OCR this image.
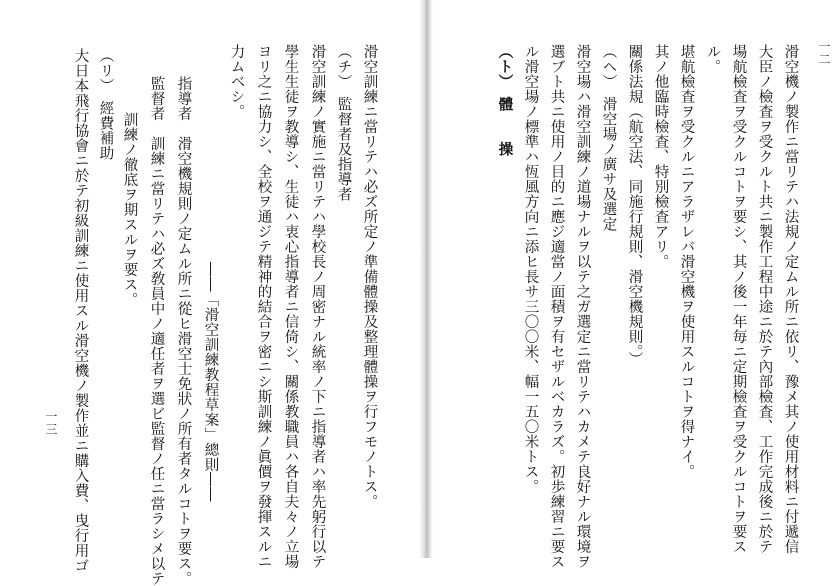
滑空訓練ニ當リテハ必ズ所定ノ準備體操及整理體操ヲ行フモノトス。
（チ）　監督者及指導者
滑空訓練ノ實施ニ當リテハ學校長ノ周密ナル統率ノ下ニ指導者ハ率先躬行以テ
學生生徒ヲ教導シ、生徒ハ衷心指導者ニ信倚シ、關係教職員ハ各自夫々ノ立場
ヨリ之ニ協力シ、全校ヲ通ジテ精神的結合ヲ密ニシ斯訓練ノ眞價ヲ發揮スルニ
力ムベシ。
――「滑空訓練教程草案」總則――
指導者　滑空機規則ノ定ムル所ニ從ヒ滑空士免狀ノ所有者タルコトヲ要ス。
監督者　訓練ニ當リテハ必ズ敎員中ノ適任者ヲ選ビ監督ノ任ニ當ラシメ以テ
訓練ノ徹底ヲ期スルヲ要ス。
（リ）　經費補助
大日本飛行協會ニ於テ初級訓練ニ使用スル滑空機ノ製作並ニ購入費、曳行用ゴ
一三	滑空機ノ製作ニ當リテハ法規ノ定ムル所ニ依リ、豫メ其ノ使用材料ニ付遞信
大臣ノ檢査ヲ受クルト共ニ製作工程中途ニ於テ內部檢査、工作完成後ニ於テ
場航檢査ヲ受クルコトヲ要シ、其ノ後一年毎ニ定期檢査ヲ受クルコトヲ要ス
ル。
堪航檢査ヲ受クルニアラザレバ滑空機ヲ使用スルコトヲ得ナイ。
其ノ他臨時檢査、特別檢査アリ。
關係法規（航空法、同施行規則、滑空機規則。）
（ヘ）　滑空場ノ廣サ及選定
滑空場ハ滑空訓練ノ道場ナルヲ以テ之ガ選定ニ當リテハカメテ良好ナル環境ヲ
選ブト共ニ使用ノ目的ニ應ジ適當ノ面積ヲ有セザルベカラズ。初歩練習ニ要ス
ル滑空場ノ標準ハ恆風方向ニ添ヒ長サ三〇〇米、幅一五〇米トス。
（ト）　體　　操	一二
